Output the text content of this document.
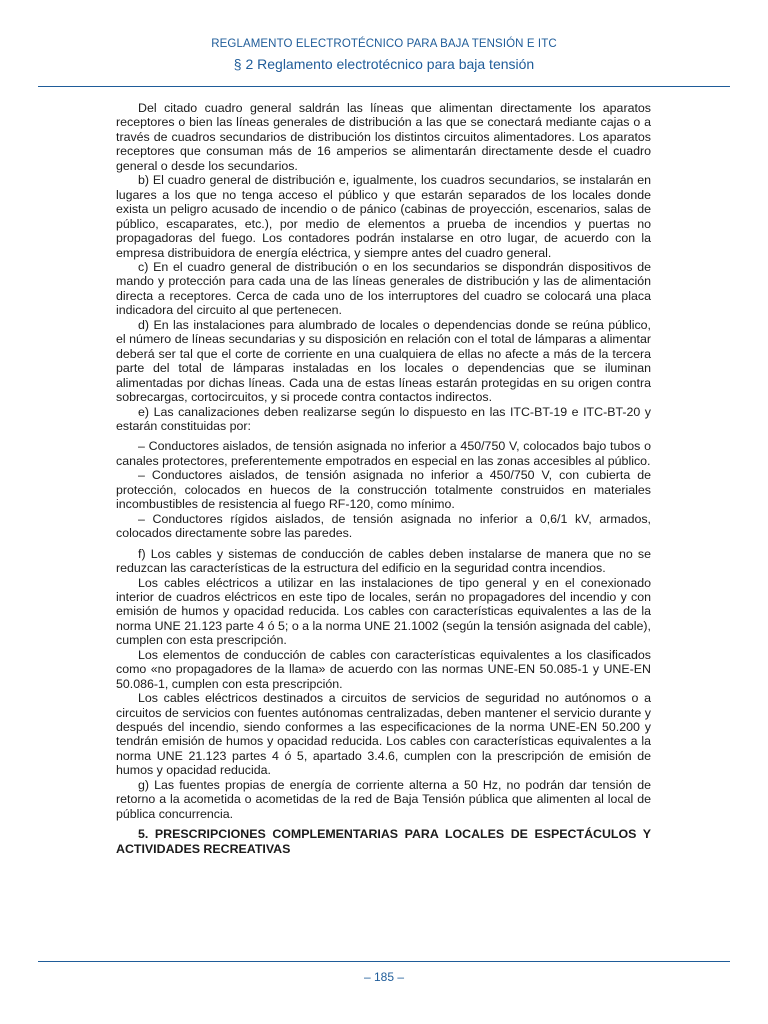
REGLAMENTO ELECTROTÉCNICO PARA BAJA TENSIÓN E ITC
§ 2 Reglamento electrotécnico para baja tensión

Del citado cuadro general saldrán las líneas que alimentan directamente los aparatos receptores o bien las líneas generales de distribución a las que se conectará mediante cajas o a través de cuadros secundarios de distribución los distintos circuitos alimentadores. Los aparatos receptores que consuman más de 16 amperios se alimentarán directamente desde el cuadro general o desde los secundarios.

b) El cuadro general de distribución e, igualmente, los cuadros secundarios, se instalarán en lugares a los que no tenga acceso el público y que estarán separados de los locales donde exista un peligro acusado de incendio o de pánico (cabinas de proyección, escenarios, salas de público, escaparates, etc.), por medio de elementos a prueba de incendios y puertas no propagadoras del fuego. Los contadores podrán instalarse en otro lugar, de acuerdo con la empresa distribuidora de energía eléctrica, y siempre antes del cuadro general.

c) En el cuadro general de distribución o en los secundarios se dispondrán dispositivos de mando y protección para cada una de las líneas generales de distribución y las de alimentación directa a receptores. Cerca de cada uno de los interruptores del cuadro se colocará una placa indicadora del circuito al que pertenecen.

d) En las instalaciones para alumbrado de locales o dependencias donde se reúna público, el número de líneas secundarias y su disposición en relación con el total de lámparas a alimentar deberá ser tal que el corte de corriente en una cualquiera de ellas no afecte a más de la tercera parte del total de lámparas instaladas en los locales o dependencias que se iluminan alimentadas por dichas líneas. Cada una de estas líneas estarán protegidas en su origen contra sobrecargas, cortocircuitos, y si procede contra contactos indirectos.

e) Las canalizaciones deben realizarse según lo dispuesto en las ITC-BT-19 e ITC-BT-20 y estarán constituidas por:

– Conductores aislados, de tensión asignada no inferior a 450/750 V, colocados bajo tubos o canales protectores, preferentemente empotrados en especial en las zonas accesibles al público.

– Conductores aislados, de tensión asignada no inferior a 450/750 V, con cubierta de protección, colocados en huecos de la construcción totalmente construidos en materiales incombustibles de resistencia al fuego RF-120, como mínimo.

– Conductores rígidos aislados, de tensión asignada no inferior a 0,6/1 kV, armados, colocados directamente sobre las paredes.

f) Los cables y sistemas de conducción de cables deben instalarse de manera que no se reduzcan las características de la estructura del edificio en la seguridad contra incendios.

Los cables eléctricos a utilizar en las instalaciones de tipo general y en el conexionado interior de cuadros eléctricos en este tipo de locales, serán no propagadores del incendio y con emisión de humos y opacidad reducida. Los cables con características equivalentes a las de la norma UNE 21.123 parte 4 ó 5; o a la norma UNE 21.1002 (según la tensión asignada del cable), cumplen con esta prescripción.

Los elementos de conducción de cables con características equivalentes a los clasificados como «no propagadores de la llama» de acuerdo con las normas UNE-EN 50.085-1 y UNE-EN 50.086-1, cumplen con esta prescripción.

Los cables eléctricos destinados a circuitos de servicios de seguridad no autónomos o a circuitos de servicios con fuentes autónomas centralizadas, deben mantener el servicio durante y después del incendio, siendo conformes a las especificaciones de la norma UNE-EN 50.200 y tendrán emisión de humos y opacidad reducida. Los cables con características equivalentes a la norma UNE 21.123 partes 4 ó 5, apartado 3.4.6, cumplen con la prescripción de emisión de humos y opacidad reducida.

g) Las fuentes propias de energía de corriente alterna a 50 Hz, no podrán dar tensión de retorno a la acometida o acometidas de la red de Baja Tensión pública que alimenten al local de pública concurrencia.

5. PRESCRIPCIONES COMPLEMENTARIAS PARA LOCALES DE ESPECTÁCULOS Y ACTIVIDADES RECREATIVAS

– 185 –
